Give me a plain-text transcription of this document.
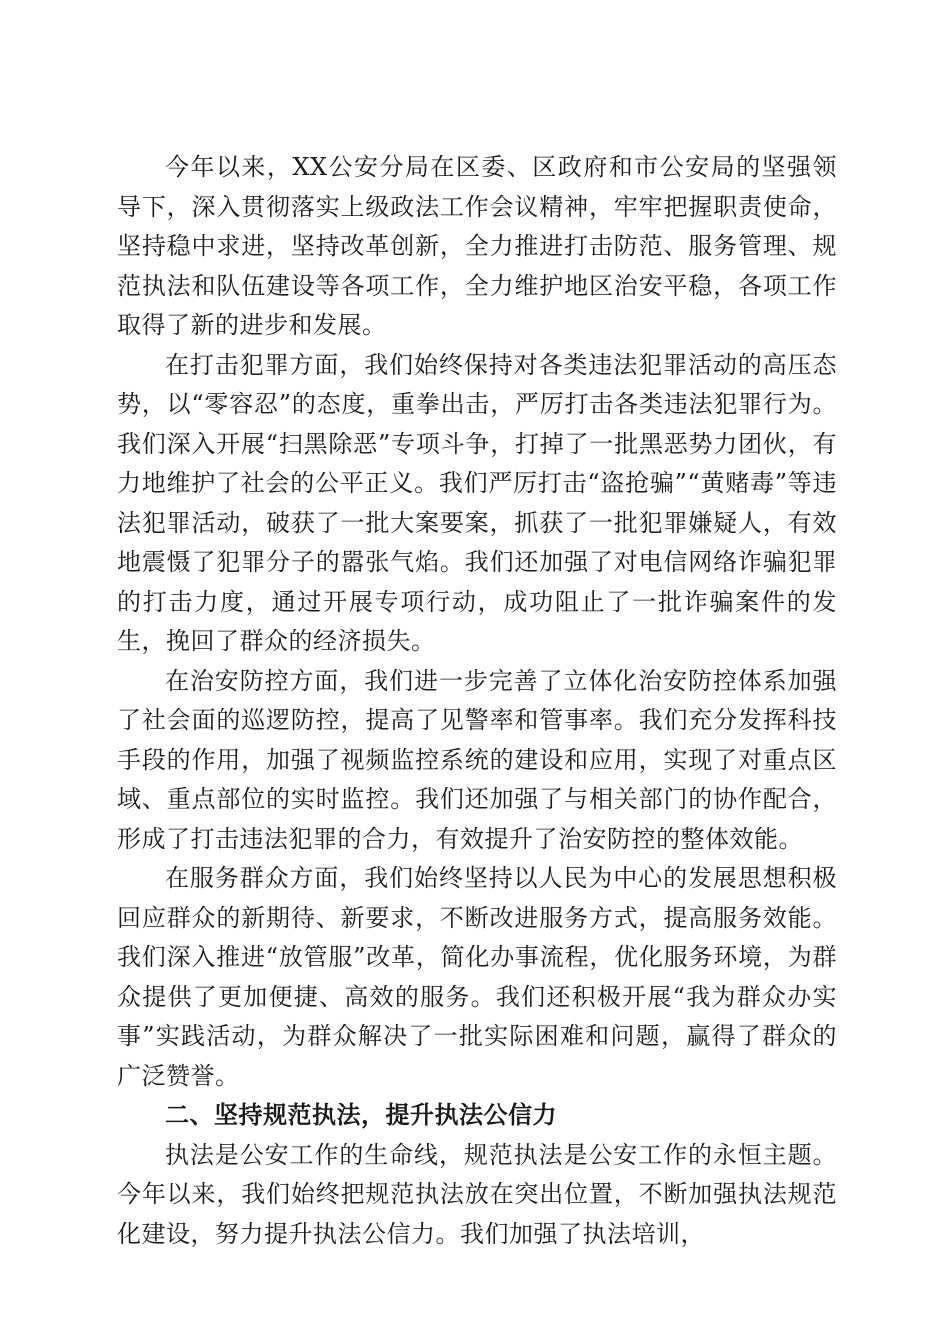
今年以来，XX公安分局在区委、区政府和市公安局的坚强领导下，深入贯彻落实上级政法工作会议精神，牢牢把握职责使命，坚持稳中求进，坚持改革创新，全力推进打击防范、服务管理、规范执法和队伍建设等各项工作，全力维护地区治安平稳，各项工作取得了新的进步和发展。

在打击犯罪方面，我们始终保持对各类违法犯罪活动的高压态势，以“零容忍”的态度，重拳出击，严厉打击各类违法犯罪行为。我们深入开展“扫黑除恶”专项斗争，打掉了一批黑恶势力团伙，有力地维护了社会的公平正义。我们严厉打击“盗抢骗”“黄赌毒”等违法犯罪活动，破获了一批大案要案，抓获了一批犯罪嫌疑人，有效地震慑了犯罪分子的嚣张气焰。我们还加强了对电信网络诈骗犯罪的打击力度，通过开展专项行动，成功阻止了一批诈骗案件的发生，挽回了群众的经济损失。

在治安防控方面，我们进一步完善了立体化治安防控体系加强了社会面的巡逻防控，提高了见警率和管事率。我们充分发挥科技手段的作用，加强了视频监控系统的建设和应用，实现了对重点区域、重点部位的实时监控。我们还加强了与相关部门的协作配合，形成了打击违法犯罪的合力，有效提升了治安防控的整体效能。

在服务群众方面，我们始终坚持以人民为中心的发展思想积极回应群众的新期待、新要求，不断改进服务方式，提高服务效能。我们深入推进“放管服”改革，简化办事流程，优化服务环境，为群众提供了更加便捷、高效的服务。我们还积极开展“我为群众办实事”实践活动，为群众解决了一批实际困难和问题，赢得了群众的广泛赞誉。

二、坚持规范执法，提升执法公信力

执法是公安工作的生命线，规范执法是公安工作的永恒主题。今年以来，我们始终把规范执法放在突出位置，不断加强执法规范化建设，努力提升执法公信力。我们加强了执法培训，
